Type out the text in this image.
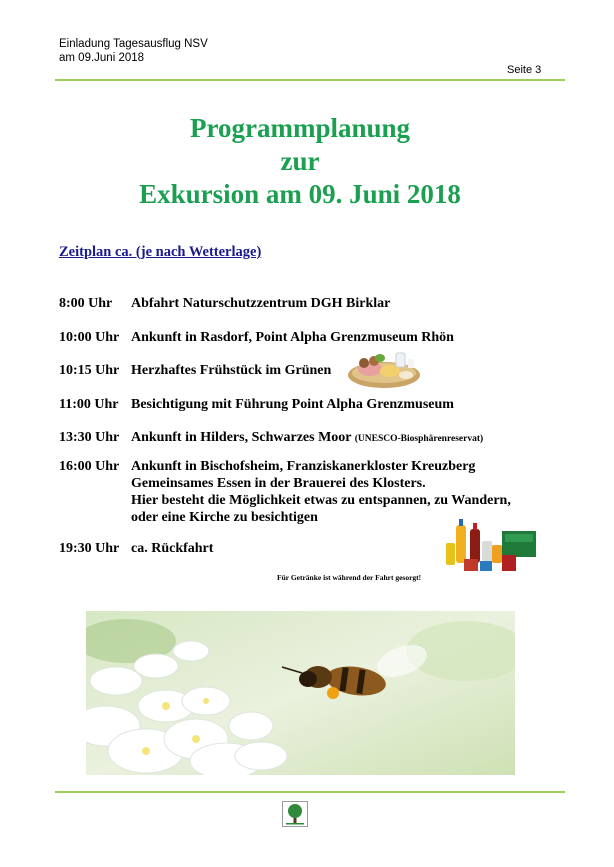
Einladung Tagesausflug NSV
am 09.Juni 2018
Seite 3
Programmplanung
zur
Exkursion am 09. Juni 2018
Zeitplan ca. (je nach Wetterlage)
8:00 Uhr	Abfahrt Naturschutzzentrum DGH Birklar
10:00 Uhr Ankunft in Rasdorf, Point Alpha Grenzmuseum Rhön
10:15 Uhr Herzhaftes Frühstück im Grünen
11:00 Uhr Besichtigung mit Führung Point Alpha Grenzmuseum
13:30 Uhr Ankunft in Hilders, Schwarzes Moor (UNESCO-Biosphärenreservat)
16:00 Uhr Ankunft in Bischofsheim, Franziskanerkloster Kreuzberg
Gemeinsames Essen in der Brauerei des Klosters.
Hier besteht die Möglichkeit etwas zu entspannen, zu Wandern,
oder eine Kirche zu besichtigen
19:30 Uhr ca. Rückfahrt
Für Getränke ist während der Fahrt gesorgt!
